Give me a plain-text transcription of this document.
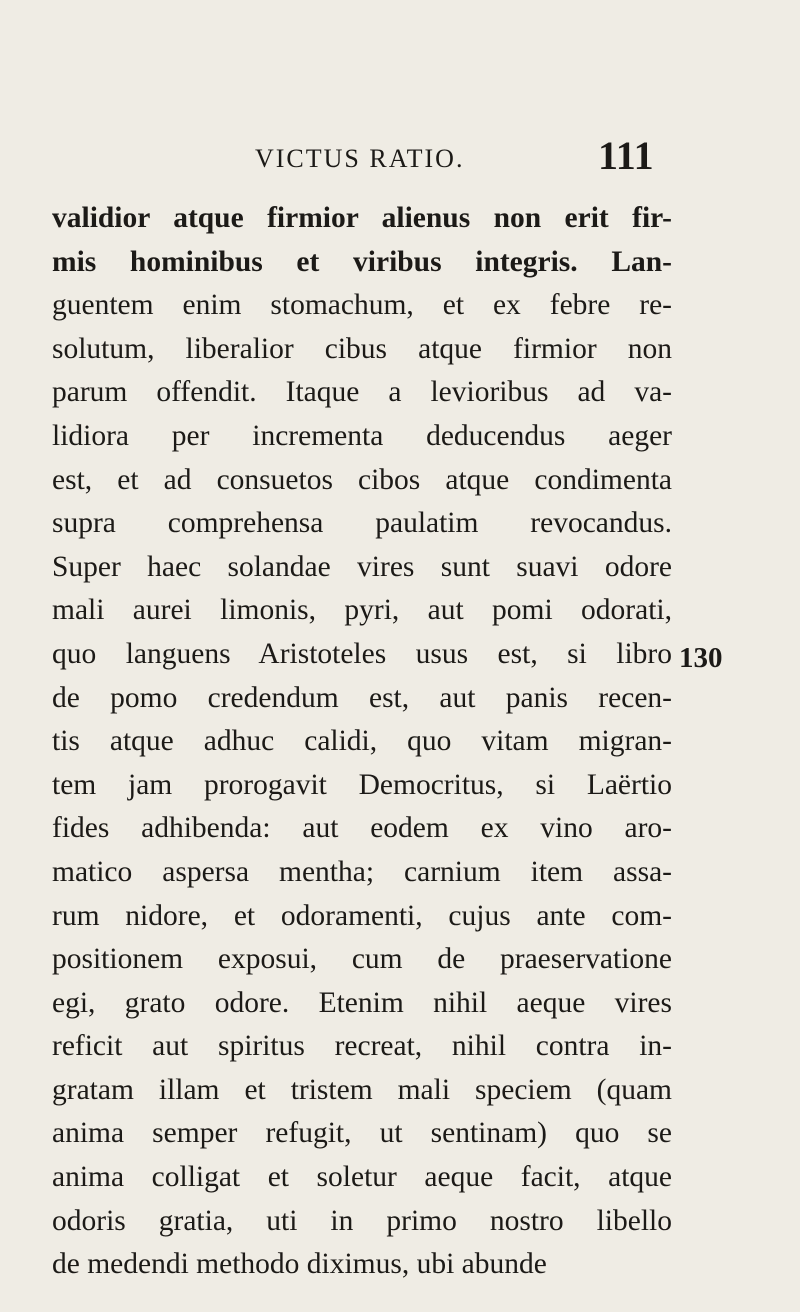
VICTUS RATIO.	111
validior atque firmior alienus non erit fir-
mis hominibus et viribus integris. Lan-
guentem enim stomachum, et ex febre re-
solutum, liberalior cibus atque firmior non
parum offendit. Itaque a levioribus ad va-
lidiora per incrementa deducendus aeger
est, et ad consuetos cibos atque condimenta
supra comprehensa paulatim revocandus.
Super haec solandae vires sunt suavi odore
mali aurei limonis, pyri, aut pomi odorati,
quo languens Aristoteles usus est, si libro
de pomo credendum est, aut panis recen-
tis atque adhuc calidi, quo vitam migran-
tem jam prorogavit Democritus, si Laërtio
fides adhibenda: aut eodem ex vino aro-
matico aspersa mentha; carnium item assa-
rum nidore, et odoramenti, cujus ante com-
positionem exposui, cum de praeservatione
egi, grato odore. Etenim nihil aeque vires
reficit aut spiritus recreat, nihil contra in-
gratam illam et tristem mali speciem (quam
anima semper refugit, ut sentinam) quo se
anima colligat et soletur aeque facit, atque
odoris gratia, uti in primo nostro libello
de medendi methodo diximus, ubi abunde
130
